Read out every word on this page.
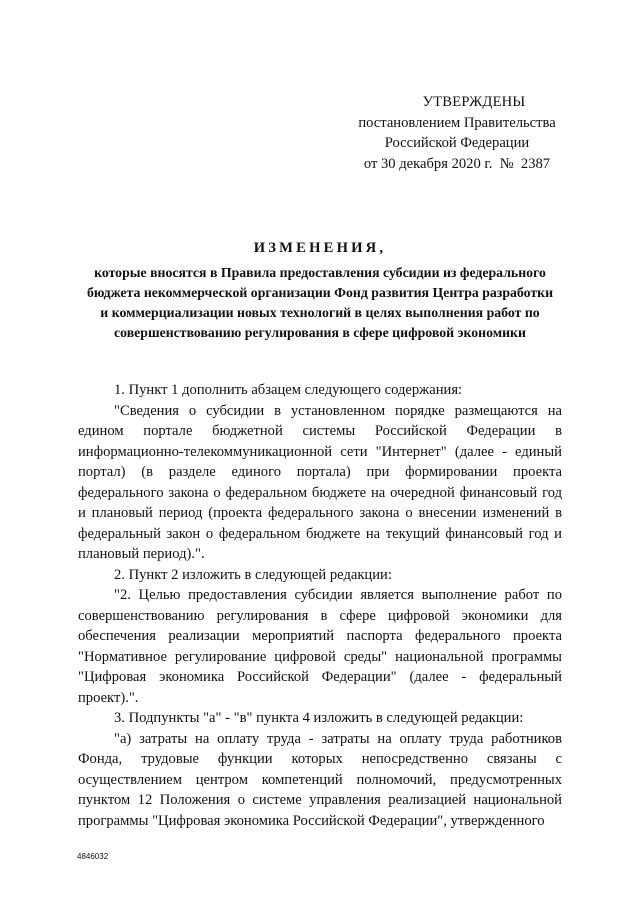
УТВЕРЖДЕНЫ
постановлением Правительства
Российской Федерации
от 30 декабря 2020 г.  №  2387
ИЗМЕНЕНИЯ,
которые вносятся в Правила предоставления субсидии из федерального бюджета некоммерческой организации Фонд развития Центра разработки и коммерциализации новых технологий в целях выполнения работ по совершенствованию регулирования в сфере цифровой экономики

1. Пункт 1 дополнить абзацем следующего содержания:

"Сведения о субсидии в установленном порядке размещаются на едином портале бюджетной системы Российской Федерации в информационно-телекоммуникационной сети "Интернет" (далее - единый портал) (в разделе единого портала) при формировании проекта федерального закона о федеральном бюджете на очередной финансовый год и плановый период (проекта федерального закона о внесении изменений в федеральный закон о федеральном бюджете на текущий финансовый год и плановый период).".

2. Пункт 2 изложить в следующей редакции:

"2. Целью предоставления субсидии является выполнение работ по совершенствованию регулирования в сфере цифровой экономики для обеспечения реализации мероприятий паспорта федерального проекта "Нормативное регулирование цифровой среды" национальной программы "Цифровая экономика Российской Федерации" (далее - федеральный проект).".

3. Подпункты "а" - "в" пункта 4 изложить в следующей редакции:

"а) затраты на оплату труда - затраты на оплату труда работников Фонда, трудовые функции которых непосредственно связаны с осуществлением центром компетенций полномочий, предусмотренных пунктом 12 Положения о системе управления реализацией национальной программы "Цифровая экономика Российской Федерации", утвержденного

4846032
